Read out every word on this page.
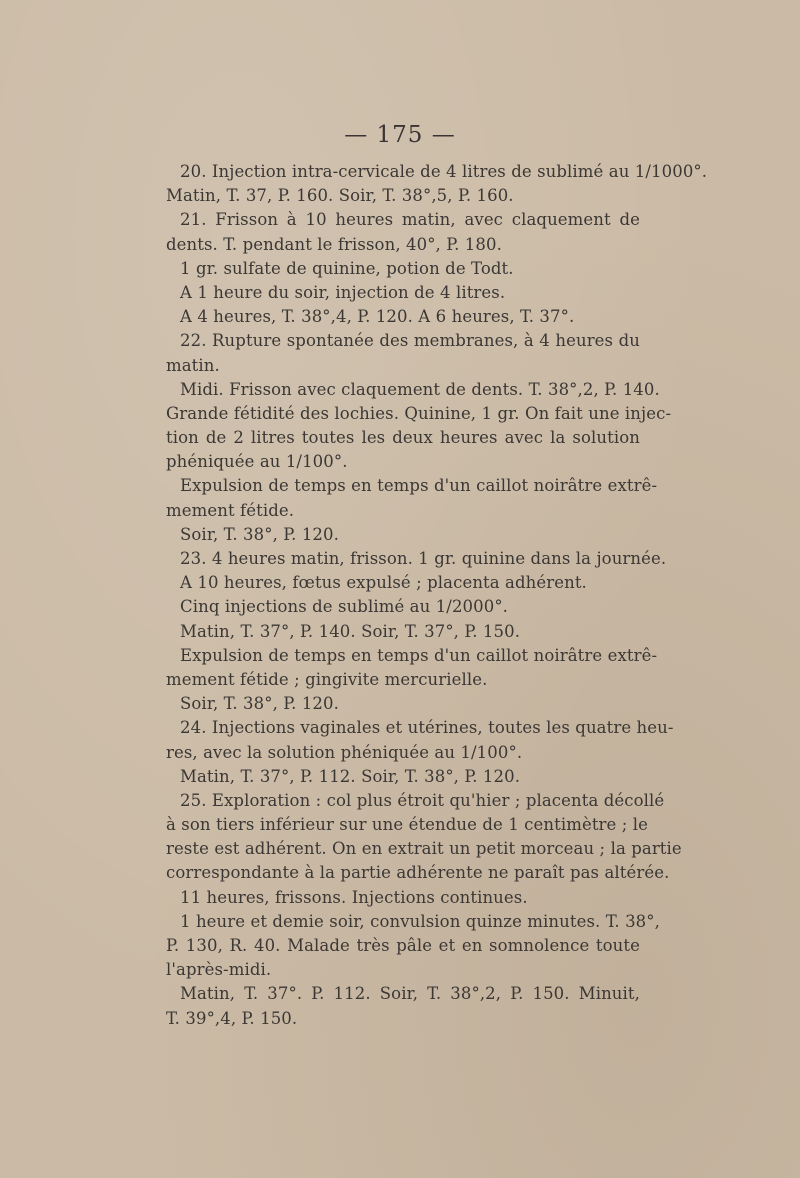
— 175 —
20. Injection intra-cervicale de 4 litres de sublimé au 1/1000°.
Matin, T. 37, P. 160. Soir, T. 38°,5, P. 160.
21. Frisson à 10 heures matin, avec claquement de
dents. T. pendant le frisson, 40°, P. 180.
1 gr. sulfate de quinine, potion de Todt.
A 1 heure du soir, injection de 4 litres.
A 4 heures, T. 38°,4, P. 120. A 6 heures, T. 37°.
22. Rupture spontanée des membranes, à 4 heures du
matin.
Midi. Frisson avec claquement de dents. T. 38°,2, P. 140.
Grande fétidité des lochies. Quinine, 1 gr. On fait une injec-
tion de 2 litres toutes les deux heures avec la solution
phéniquée au 1/100°.
Expulsion de temps en temps d'un caillot noirâtre extrê-
mement fétide.
Soir, T. 38°, P. 120.
23. 4 heures matin, frisson. 1 gr. quinine dans la journée.
A 10 heures, fœtus expulsé ; placenta adhérent.
Cinq injections de sublimé au 1/2000°.
Matin, T. 37°, P. 140. Soir, T. 37°, P. 150.
Expulsion de temps en temps d'un caillot noirâtre extrê-
mement fétide ; gingivite mercurielle.
Soir, T. 38°, P. 120.
24. Injections vaginales et utérines, toutes les quatre heu-
res, avec la solution phéniquée au 1/100°.
Matin, T. 37°, P. 112. Soir, T. 38°, P. 120.
25. Exploration : col plus étroit qu'hier ; placenta décollé
à son tiers inférieur sur une étendue de 1 centimètre ; le
reste est adhérent. On en extrait un petit morceau ; la partie
correspondante à la partie adhérente ne paraît pas altérée.
11 heures, frissons. Injections continues.
1 heure et demie soir, convulsion quinze minutes. T. 38°,
P. 130, R. 40. Malade très pâle et en somnolence toute
l'après-midi.
Matin, T. 37°. P. 112. Soir, T. 38°,2, P. 150. Minuit,
T. 39°,4, P. 150.
